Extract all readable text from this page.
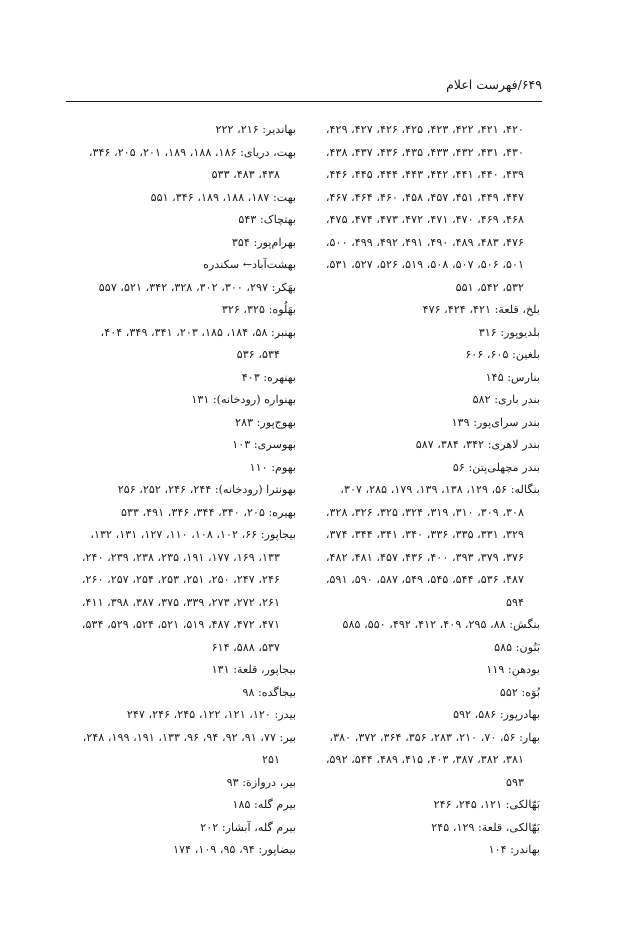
۶۴۹/فهرست اعلام
۴۲۰، ۴۲۱، ۴۲۲، ۴۲۳، ۴۲۵، ۴۲۶، ۴۲۷، ۴۲۹،
۴۳۰، ۴۳۱، ۴۳۲، ۴۳۳، ۴۳۵، ۴۳۶، ۴۳۷، ۴۳۸،
۴۳۹، ۴۴۰، ۴۴۱، ۴۴۲، ۴۴۳، ۴۴۴، ۴۴۵، ۴۴۶،
۴۴۷، ۴۴۹، ۴۵۱، ۴۵۷، ۴۵۸، ۴۶۰، ۴۶۴، ۴۶۷،
۴۶۸، ۴۶۹، ۴۷۰، ۴۷۱، ۴۷۲، ۴۷۳، ۴۷۴، ۴۷۵،
۴۷۶، ۴۸۳، ۴۸۹، ۴۹۰، ۴۹۱، ۴۹۲، ۴۹۹، ۵۰۰،
۵۰۱، ۵۰۶، ۵۰۷، ۵۰۸، ۵۱۹، ۵۲۶، ۵۲۷، ۵۳۱،
۵۳۲، ۵۴۲، ۵۵۱
بلخ، قلعة: ۴۲۱، ۴۲۴، ۴۷۶
بلدیوپور: ۳۱۶
بلغین: ۶۰۵، ۶۰۶
بنارس: ۱۴۵
بندر باری: ۵۸۲
بندر سرای‌پور: ۱۳۹
بندر لاهری: ۳۴۲، ۳۸۴، ۵۸۷
بندر مچهلی‌پتن: ۵۶
بنگاله: ۵۶، ۱۲۹، ۱۳۸، ۱۳۹، ۱۷۹، ۲۸۵، ۳۰۷،
۳۰۸، ۳۰۹، ۳۱۰، ۳۱۹، ۳۲۴، ۳۲۵، ۳۲۶، ۳۲۸،
۳۲۹، ۳۳۱، ۳۳۵، ۳۳۶، ۳۴۰، ۳۴۱، ۳۴۴، ۳۷۴،
۳۷۶، ۳۷۹، ۳۹۳، ۴۰۰، ۴۳۶، ۴۵۷، ۴۸۱، ۴۸۲،
۴۸۷، ۵۳۶، ۵۴۴، ۵۴۵، ۵۴۹، ۵۸۷، ۵۹۰، ۵۹۱،
۵۹۴
بنگش: ۸۸، ۲۹۵، ۴۰۹، ۴۱۲، ۴۹۲، ۵۵۰، ۵۸۵
بَنُون: ۵۸۵
بودهن: ۱۱۹
بُوَه: ۵۵۲
بهادرپور: ۵۸۶، ۵۹۲
بهار: ۵۶، ۷۰، ۲۱۰، ۲۸۳، ۳۵۶، ۳۶۴، ۳۷۲، ۳۸۰،
۳۸۱، ۳۸۲، ۳۸۷، ۴۰۳، ۴۱۵، ۴۸۹، ۵۴۴، ۵۹۲،
۵۹۳
بَهّالکی: ۱۲۱، ۲۴۵، ۲۴۶
بَهّالکی، قلعة: ۱۲۹، ۲۴۵
بهاندر: ۱۰۴
بهاندیر: ۲۱۶، ۲۲۲
بهت، دریای: ۱۸۶، ۱۸۸، ۱۸۹، ۲۰۱، ۲۰۵، ۳۴۶،
۴۳۸، ۴۸۳، ۵۳۳
بهت: ۱۸۷، ۱۸۸، ۱۸۹، ۳۴۶، ۵۵۱
بهتچاک: ۵۴۳
بهرام‌پور: ۳۵۴
بهشت‌آباد← سکندره
بهَکر: ۲۹۷، ۳۰۰، ۳۰۲، ۳۲۸، ۳۴۲، ۵۲۱، ۵۵۷
بهَلُوه: ۳۲۵، ۳۲۶
بهنبر: ۵۸، ۱۸۴، ۱۸۵، ۲۰۳، ۳۴۱، ۳۴۹، ۴۰۴،
۵۳۴، ۵۳۶
بهنهره: ۴۰۳
بهنواره (رودخانه): ۱۳۱
بهوج‌پور: ۲۸۳
بهوسری: ۱۰۳
بهوم: ۱۱۰
بهونترا (رودخانه): ۲۴۴، ۲۴۶، ۲۵۲، ۲۵۶
بهیره: ۲۰۵، ۳۴۰، ۳۴۴، ۳۴۶، ۴۹۱، ۵۳۳
بیجاپور: ۶۶، ۱۰۲، ۱۰۸، ۱۱۰، ۱۲۷، ۱۳۱، ۱۳۲،
۱۳۳، ۱۶۹، ۱۷۷، ۱۹۱، ۲۳۵، ۲۳۸، ۲۳۹، ۲۴۰،
۲۴۶، ۲۴۷، ۲۵۰، ۲۵۱، ۲۵۳، ۲۵۴، ۲۵۷، ۲۶۰،
۲۶۱، ۲۷۲، ۲۷۳، ۳۳۹، ۳۷۵، ۳۸۷، ۳۹۸، ۴۱۱،
۴۷۱، ۴۷۲، ۴۸۷، ۵۱۹، ۵۲۱، ۵۲۴، ۵۲۹، ۵۳۴،
۵۳۷، ۵۸۸، ۶۱۴
بیجاپور، قلعة: ۱۳۱
بیجاگده: ۹۸
بیدر: ۱۲۰، ۱۲۱، ۱۲۲، ۲۴۵، ۲۴۶، ۲۴۷
بیر: ۷۷، ۹۱، ۹۲، ۹۴، ۹۶، ۱۳۳، ۱۹۱، ۱۹۹، ۲۴۸،
۲۵۱
بیر، دروازة: ۹۳
بیرم گله: ۱۸۵
بیرم گله، آبشار: ۲۰۲
بیضاپور: ۹۴، ۹۵، ۱۰۹، ۱۷۴
